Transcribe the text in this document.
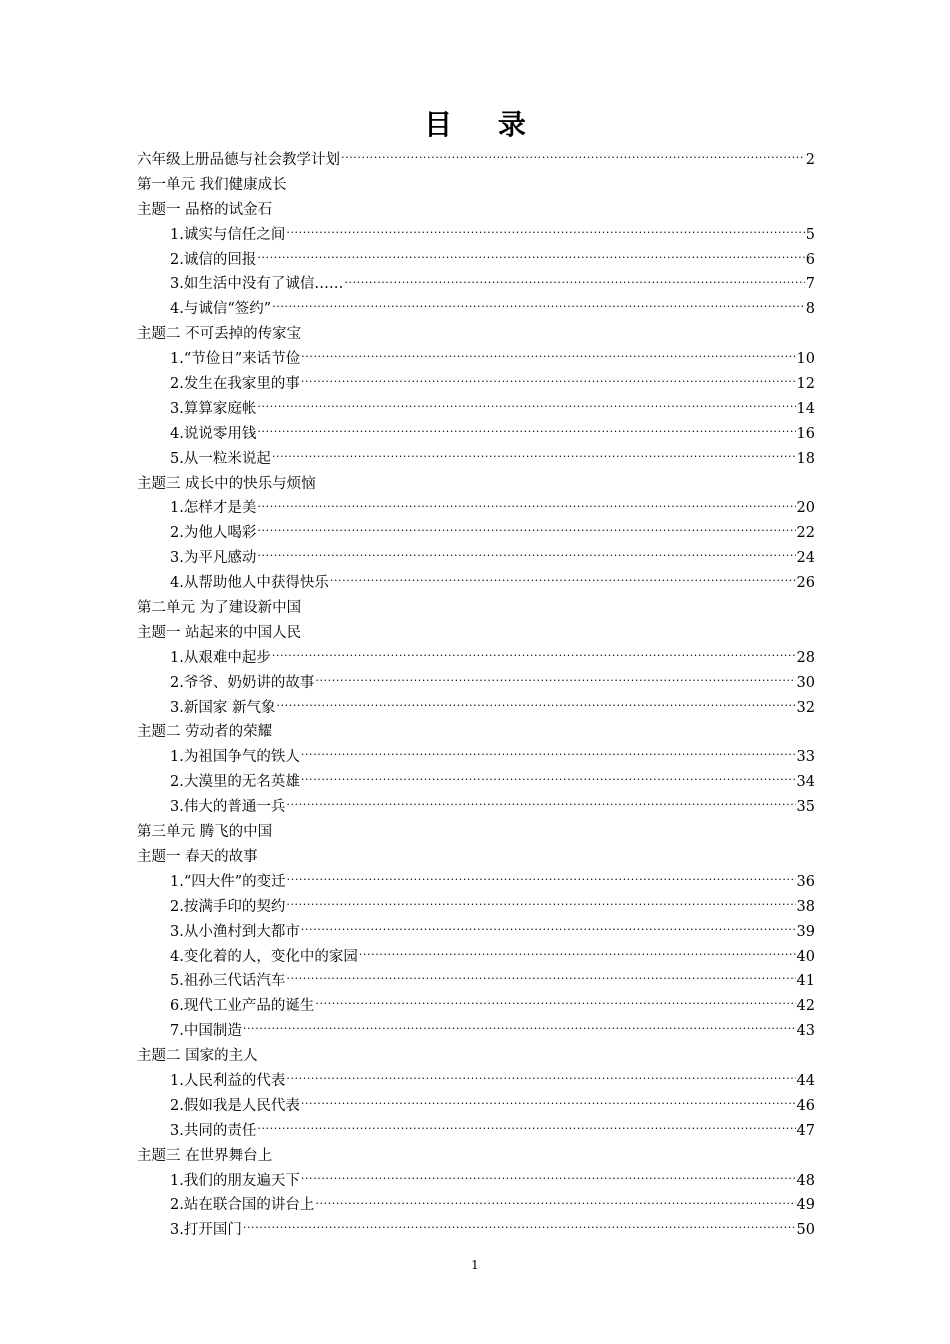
目 录
六年级上册品德与社会教学计划 .....	2
第一单元 我们健康成长
主题一 品格的试金石
1.诚实与信任之间 .....	5
2.诚信的回报 .....	6
3.如生活中没有了诚信…… .....	7
4.与诚信“签约” .....	8
主题二 不可丢掉的传家宝
1.“节俭日”来话节俭 .....	10
2.发生在我家里的事 .....	12
3.算算家庭帐 .....	14
4.说说零用钱 .....	16
5.从一粒米说起 .....	18
主题三 成长中的快乐与烦恼
1.怎样才是美 .....	20
2.为他人喝彩 .....	22
3.为平凡感动 .....	24
4.从帮助他人中获得快乐 .....	26
第二单元 为了建设新中国
主题一 站起来的中国人民
1.从艰难中起步 .....	28
2.爷爷、奶奶讲的故事 .....	30
3.新国家 新气象 .....	32
主题二 劳动者的荣耀
1.为祖国争气的铁人 .....	33
2.大漠里的无名英雄 .....	34
3.伟大的普通一兵 .....	35
第三单元 腾飞的中国
主题一 春天的故事
1.“四大件”的变迁 .....	36
2.按满手印的契约 .....	38
3.从小渔村到大都市 .....	39
4.变化着的人，变化中的家园 .....	40
5.祖孙三代话汽车 .....	41
6.现代工业产品的诞生 .....	42
7.中国制造 .....	43
主题二 国家的主人
1.人民利益的代表 .....	44
2.假如我是人民代表 .....	46
3.共同的责任 .....	47
主题三 在世界舞台上
1.我们的朋友遍天下 .....	48
2.站在联合国的讲台上 .....	49
3.打开国门 .....	50
1
